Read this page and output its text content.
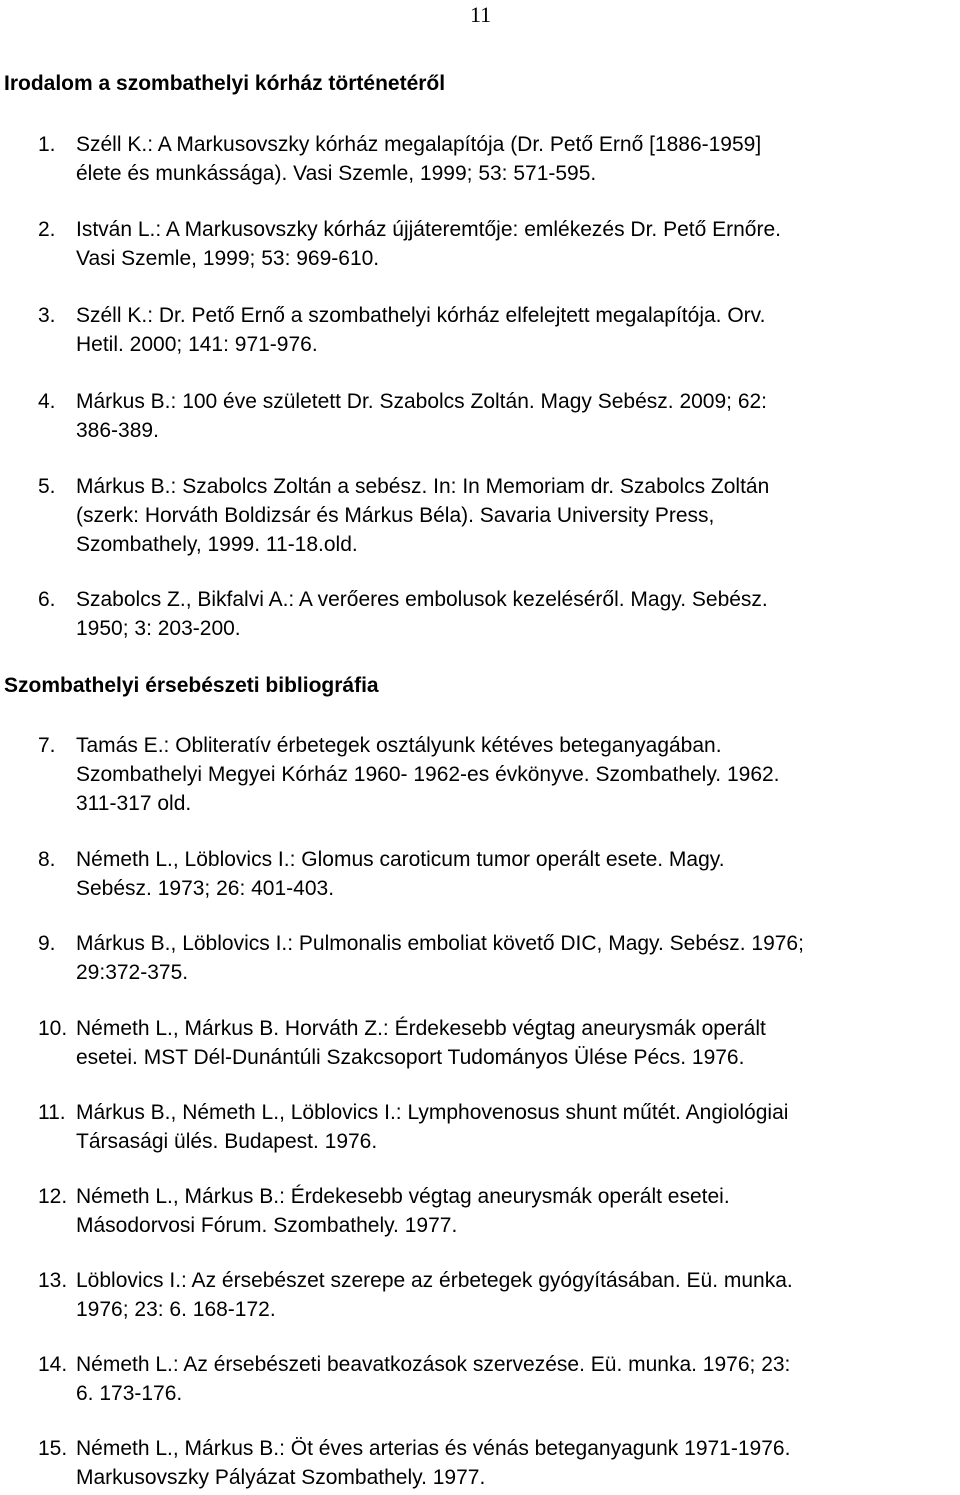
11
Irodalom a szombathelyi kórház történetéről
1. Széll K.: A Markusovszky kórház megalapítója (Dr. Pető Ernő [1886-1959]
élete és munkássága). Vasi Szemle, 1999; 53: 571-595.
2. István L.: A Markusovszky kórház újjáteremtője: emlékezés Dr. Pető Ernőre.
Vasi Szemle, 1999; 53: 969-610.
3. Széll K.: Dr. Pető Ernő a szombathelyi kórház elfelejtett megalapítója. Orv.
Hetil. 2000; 141: 971-976.
4. Márkus B.: 100 éve született Dr. Szabolcs Zoltán. Magy Sebész. 2009; 62:
386-389.
5. Márkus B.: Szabolcs Zoltán a sebész. In: In Memoriam dr. Szabolcs Zoltán
(szerk: Horváth Boldizsár és Márkus Béla). Savaria University Press,
Szombathely, 1999. 11-18.old.
6. Szabolcs Z., Bikfalvi A.: A verőeres embolusok kezeléséről. Magy. Sebész.
1950; 3: 203-200.
Szombathelyi érsebészeti bibliográfia
7. Tamás E.: Obliteratív érbetegek osztályunk kétéves beteganyagában.
Szombathelyi Megyei Kórház 1960- 1962-es évkönyve. Szombathely. 1962.
311-317 old.
8. Németh L., Löblovics I.: Glomus caroticum tumor operált esete. Magy.
Sebész. 1973; 26: 401-403.
9. Márkus B., Löblovics I.: Pulmonalis emboliat követő DIC, Magy. Sebész. 1976;
29:372-375.
10. Németh L., Márkus B. Horváth Z.: Érdekesebb végtag aneurysmák operált
esetei. MST Dél-Dunántúli Szakcsoport Tudományos Ülése Pécs. 1976.
11. Márkus B., Németh L., Löblovics I.: Lymphovenosus shunt műtét. Angiológiai
Társasági ülés. Budapest. 1976.
12. Németh L., Márkus B.: Érdekesebb végtag aneurysmák operált esetei.
Másodorvosi Fórum. Szombathely. 1977.
13. Löblovics I.: Az érsebészet szerepe az érbetegek gyógyításában. Eü. munka.
1976; 23: 6. 168-172.
14. Németh L.: Az érsebészeti beavatkozások szervezése. Eü. munka. 1976; 23:
6. 173-176.
15. Németh L., Márkus B.: Öt éves arterias és vénás beteganyagunk 1971-1976.
Markusovszky Pályázat Szombathely. 1977.
